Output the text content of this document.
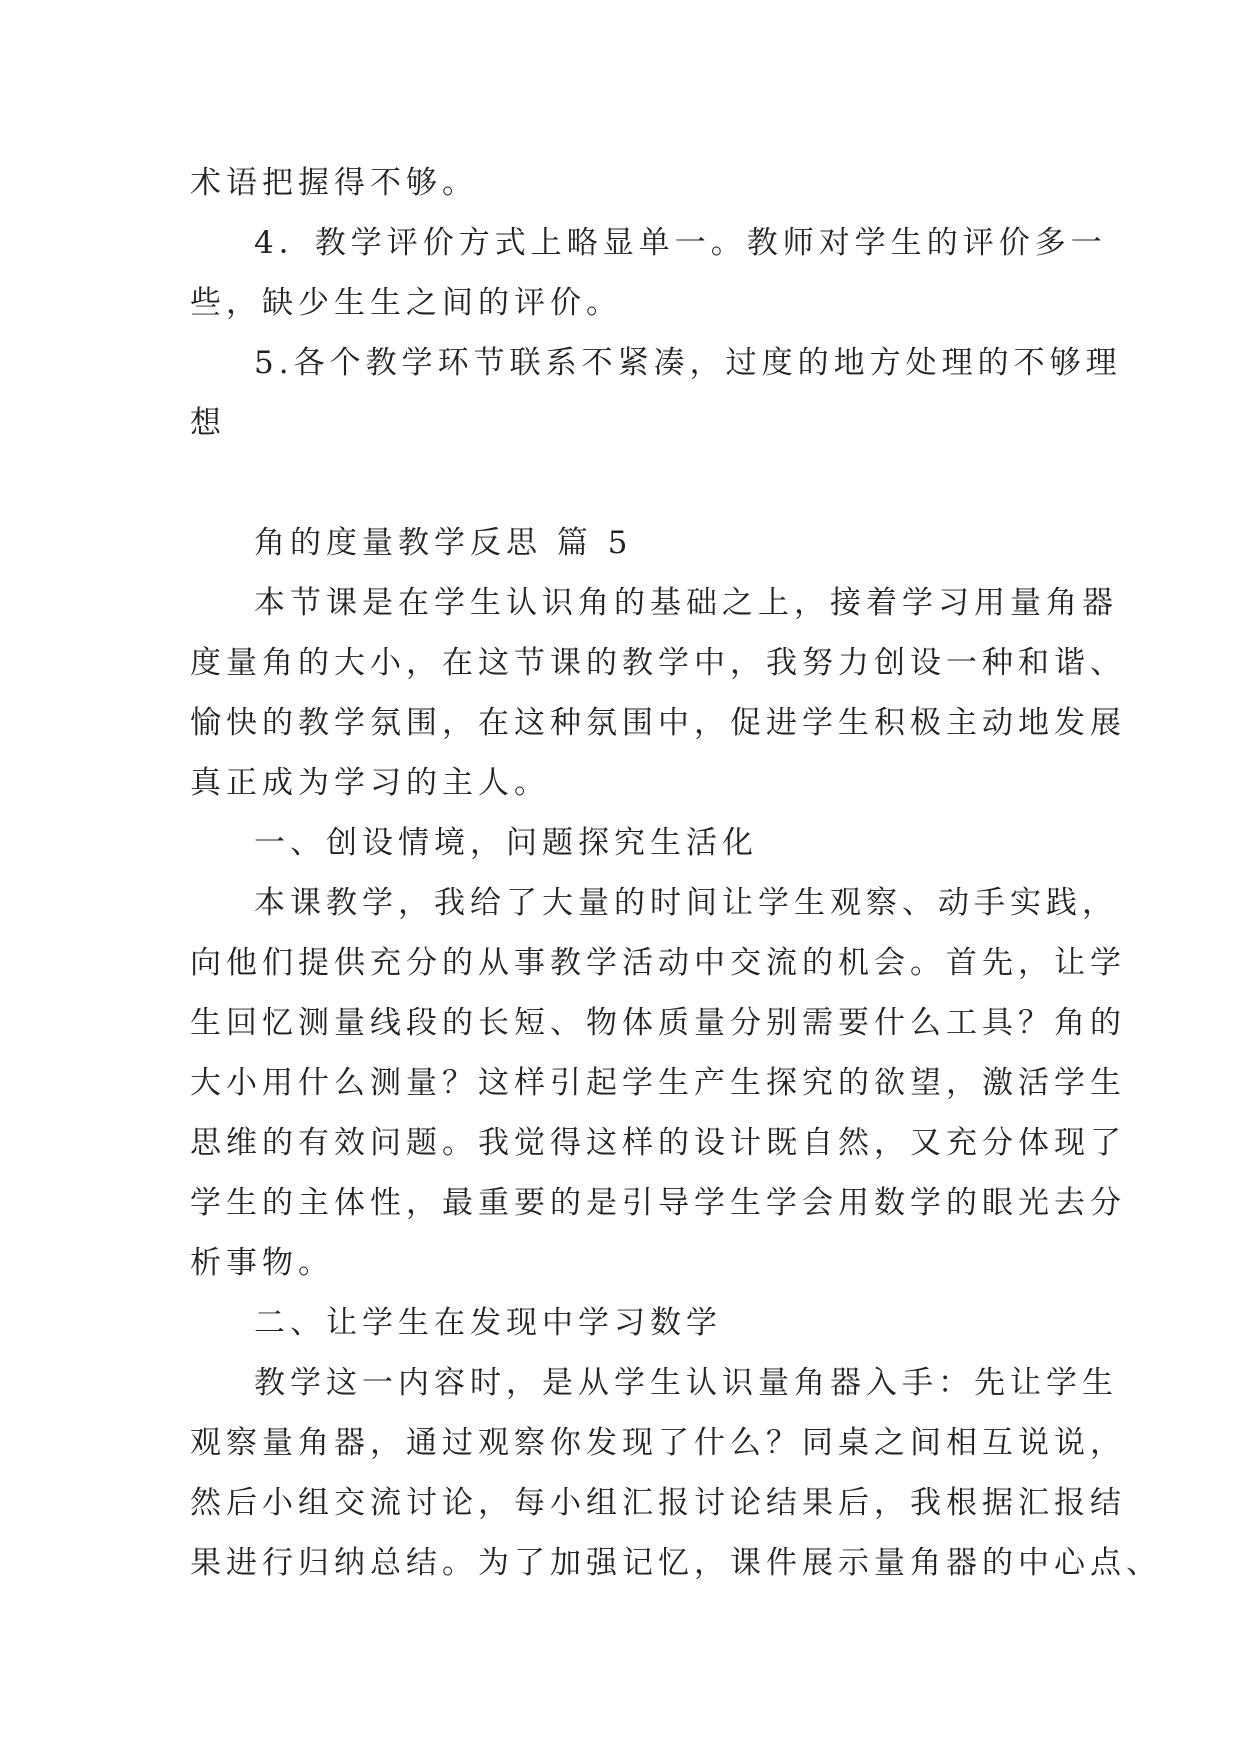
术语把握得不够。
4．教学评价方式上略显单一。教师对学生的评价多一
些，缺少生生之间的评价。
5.各个教学环节联系不紧凑，过度的地方处理的不够理
想
角的度量教学反思 篇 5
本节课是在学生认识角的基础之上，接着学习用量角器
度量角的大小，在这节课的教学中，我努力创设一种和谐、
愉快的教学氛围，在这种氛围中，促进学生积极主动地发展
真正成为学习的主人。
一、创设情境，问题探究生活化
本课教学，我给了大量的时间让学生观察、动手实践，
向他们提供充分的从事教学活动中交流的机会。首先，让学
生回忆测量线段的长短、物体质量分别需要什么工具？角的
大小用什么测量？这样引起学生产生探究的欲望，激活学生
思维的有效问题。我觉得这样的设计既自然，又充分体现了
学生的主体性，最重要的是引导学生学会用数学的眼光去分
析事物。
二、让学生在发现中学习数学
教学这一内容时，是从学生认识量角器入手：先让学生
观察量角器，通过观察你发现了什么？同桌之间相互说说，
然后小组交流讨论，每小组汇报讨论结果后，我根据汇报结
果进行归纳总结。为了加强记忆，课件展示量角器的中心点、
